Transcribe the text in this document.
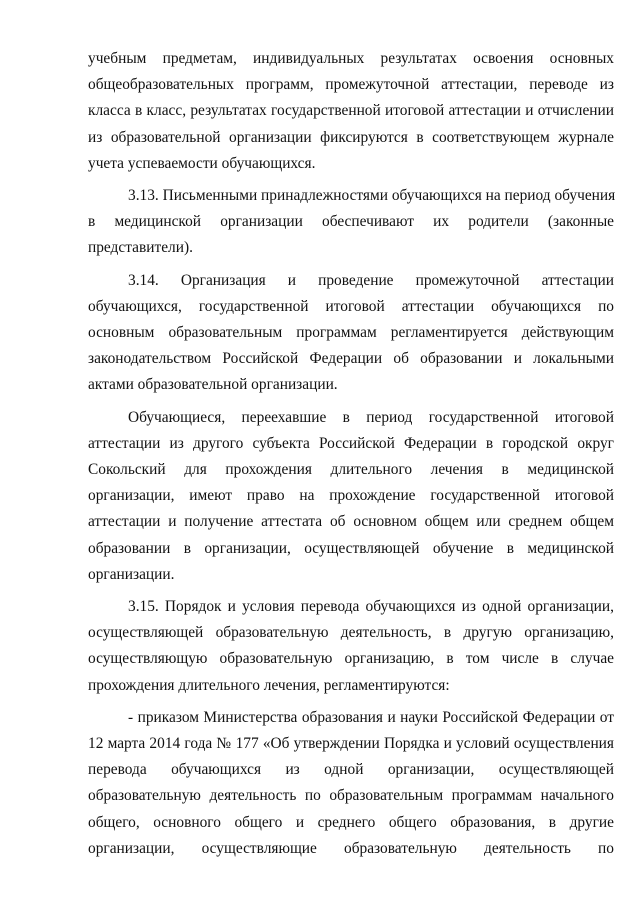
учебным предметам, индивидуальных результатах освоения основных
общеобразовательных программ, промежуточной аттестации, переводе из
класса в класс, результатах государственной итоговой аттестации и отчислении
из образовательной организации фиксируются в соответствующем журнале
учета успеваемости обучающихся.
3.13. Письменными принадлежностями обучающихся на период обучения
в медицинской организации обеспечивают их родители (законные
представители).
3.14. Организация и проведение промежуточной аттестации
обучающихся, государственной итоговой аттестации обучающихся по
основным образовательным программам регламентируется действующим
законодательством Российской Федерации об образовании и локальными
актами образовательной организации.
Обучающиеся, переехавшие в период государственной итоговой
аттестации из другого субъекта Российской Федерации в городской округ
Сокольский для прохождения длительного лечения в медицинской
организации, имеют право на прохождение государственной итоговой
аттестации и получение аттестата об основном общем или среднем общем
образовании в организации, осуществляющей обучение в медицинской
организации.
3.15. Порядок и условия перевода обучающихся из одной организации,
осуществляющей образовательную деятельность, в другую организацию,
осуществляющую образовательную организацию, в том числе в случае
прохождения длительного лечения, регламентируются:
- приказом Министерства образования и науки Российской Федерации от
12 марта 2014 года № 177 «Об утверждении Порядка и условий осуществления
перевода обучающихся из одной организации, осуществляющей
образовательную деятельность по образовательным программам начального
общего, основного общего и среднего общего образования, в другие
организации, осуществляющие образовательную деятельность по
